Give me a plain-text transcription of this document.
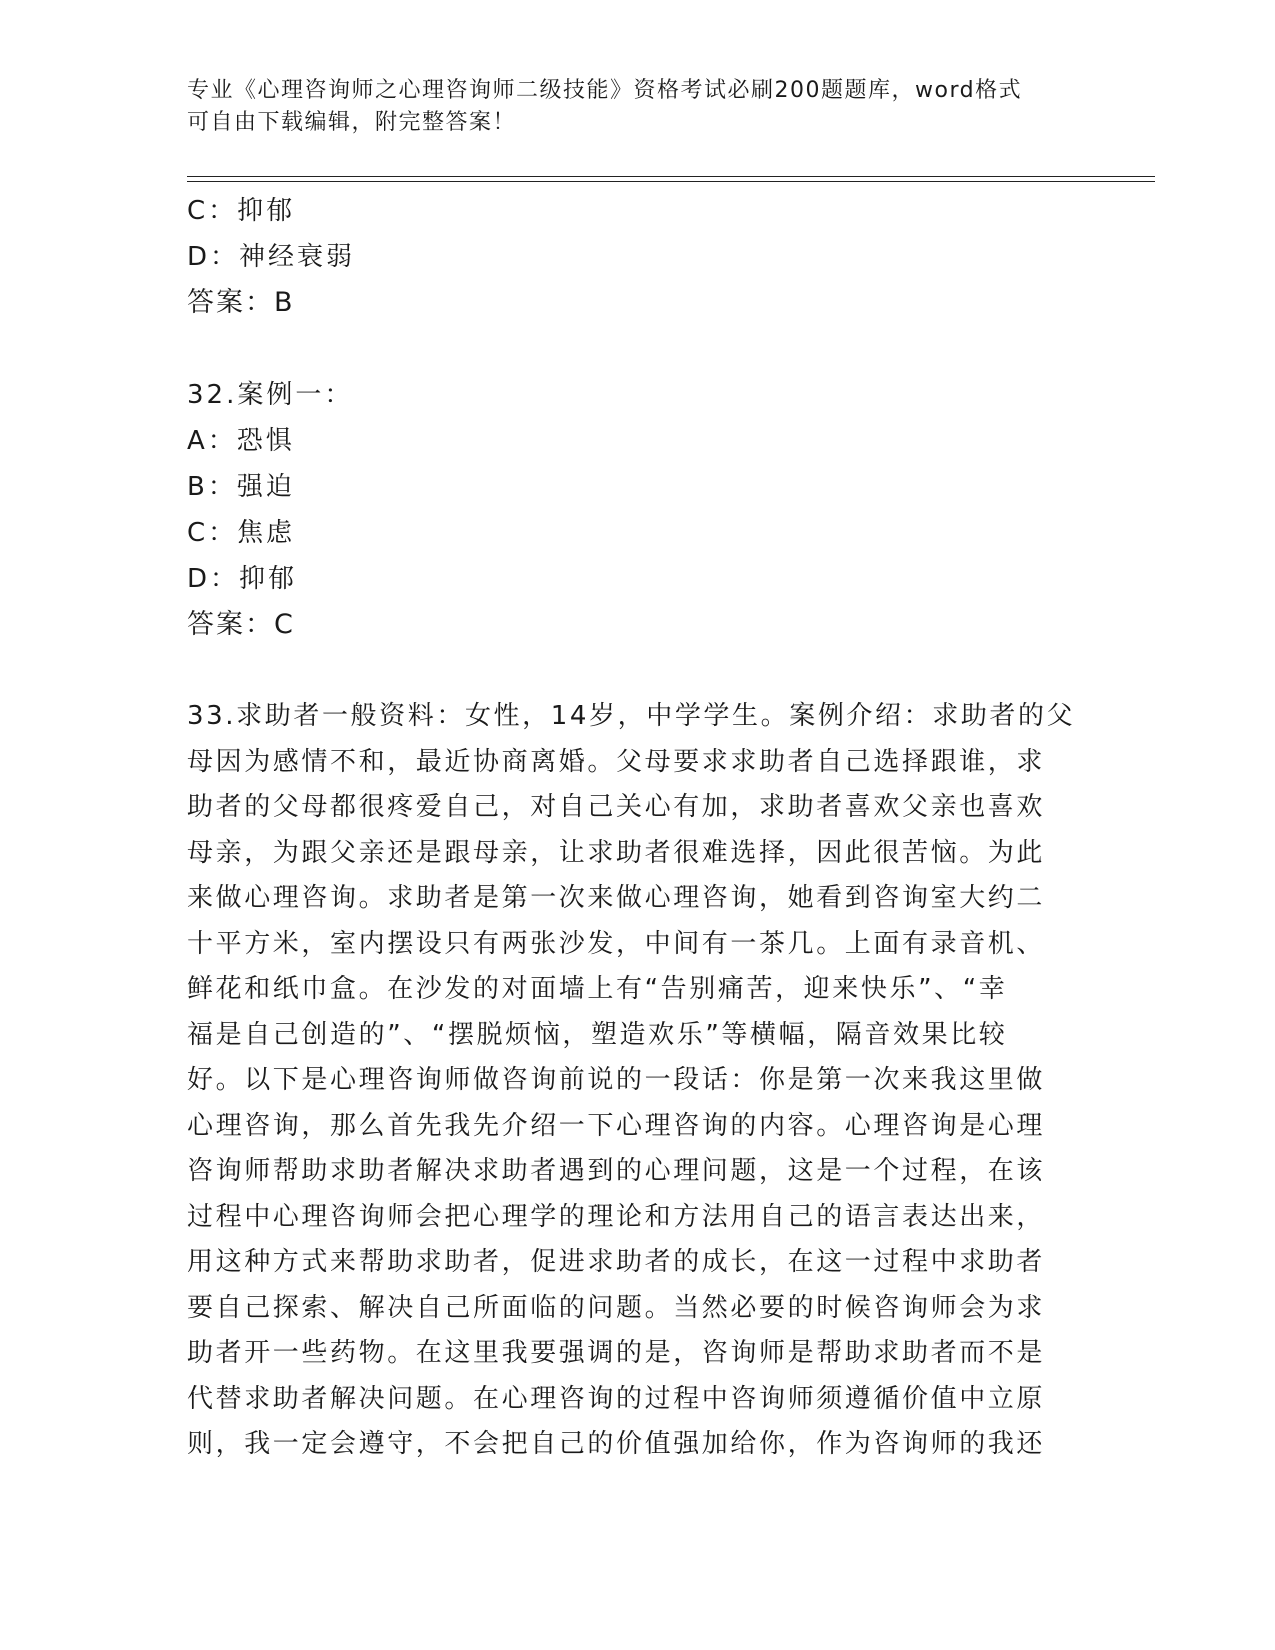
专业《心理咨询师之心理咨询师二级技能》资格考试必刷200题题库，word格式
可自由下载编辑，附完整答案！
C：抑郁
D：神经衰弱
答案：B
32.案例一：
A：恐惧
B：强迫
C：焦虑
D：抑郁
答案：C
33.求助者一般资料：女性，14岁，中学学生。案例介绍：求助者的父
母因为感情不和，最近协商离婚。父母要求求助者自己选择跟谁，求
助者的父母都很疼爱自己，对自己关心有加，求助者喜欢父亲也喜欢
母亲，为跟父亲还是跟母亲，让求助者很难选择，因此很苦恼。为此
来做心理咨询。求助者是第一次来做心理咨询，她看到咨询室大约二
十平方米，室内摆设只有两张沙发，中间有一茶几。上面有录音机、
鲜花和纸巾盒。在沙发的对面墙上有“告别痛苦，迎来快乐”、“幸
福是自己创造的”、“摆脱烦恼，塑造欢乐”等横幅，隔音效果比较
好。以下是心理咨询师做咨询前说的一段话：你是第一次来我这里做
心理咨询，那么首先我先介绍一下心理咨询的内容。心理咨询是心理
咨询师帮助求助者解决求助者遇到的心理问题，这是一个过程，在该
过程中心理咨询师会把心理学的理论和方法用自己的语言表达出来，
用这种方式来帮助求助者，促进求助者的成长，在这一过程中求助者
要自己探索、解决自己所面临的问题。当然必要的时候咨询师会为求
助者开一些药物。在这里我要强调的是，咨询师是帮助求助者而不是
代替求助者解决问题。在心理咨询的过程中咨询师须遵循价值中立原
则，我一定会遵守，不会把自己的价值强加给你，作为咨询师的我还
